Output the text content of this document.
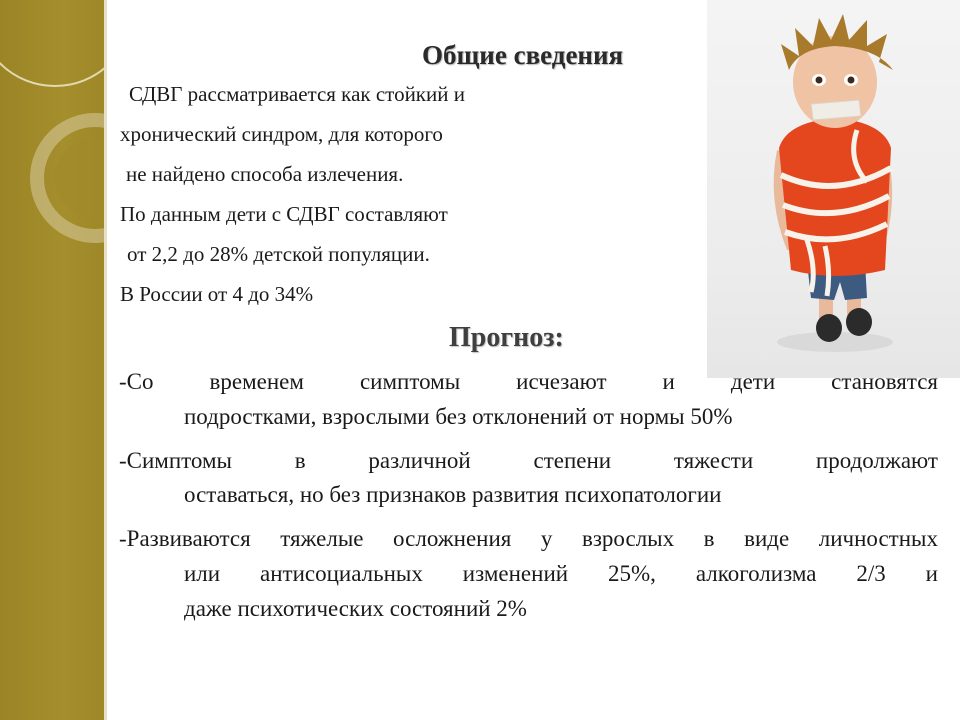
Общие сведения
СДВГ рассматривается как стойкий и
хронический синдром, для которого
не найдено способа излечения.
По данным дети с СДВГ составляют
от 2,2 до 28% детской популяции.
В России от 4 до 34%
Прогноз:
-Со временем симптомы исчезают и дети становятся
подростками, взрослыми без отклонений от нормы 50%
-Симптомы в различной степени тяжести продолжают
оставаться, но без признаков развития психопатологии
-Развиваются тяжелые осложнения у взрослых в виде личностных
или антисоциальных изменений 25%, алкоголизма 2/3 и
даже психотических состояний 2%
